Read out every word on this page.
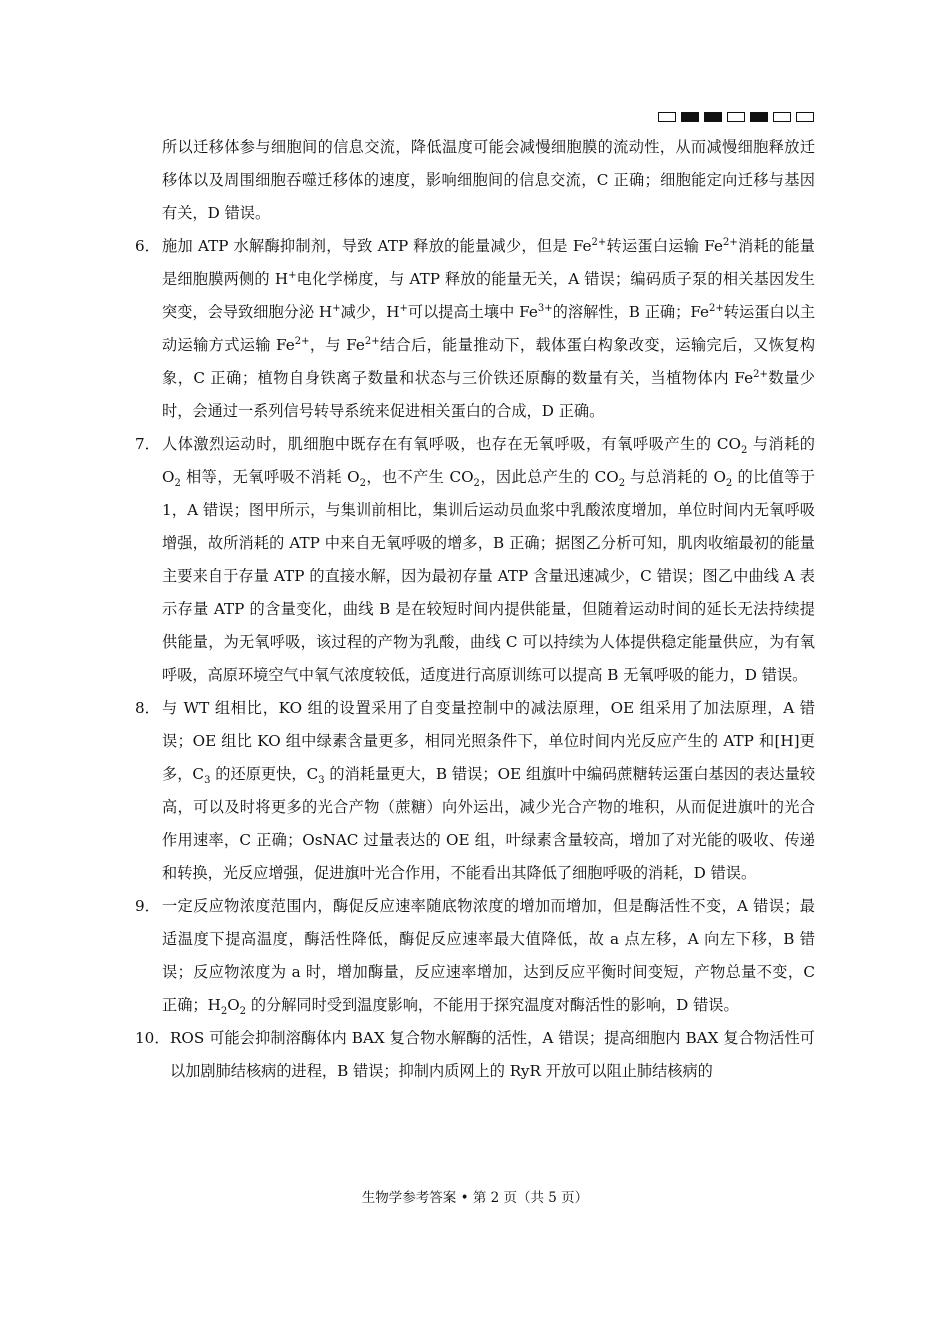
所以迁移体参与细胞间的信息交流，降低温度可能会减慢细胞膜的流动性，从而减慢细胞释放迁移体以及周围细胞吞噬迁移体的速度，影响细胞间的信息交流，C 正确；细胞能定向迁移与基因有关，D 错误。

6． 施加 ATP 水解酶抑制剂，导致 ATP 释放的能量减少，但是 $Fe^{2+}$转运蛋白运输 $Fe^{2+}$消耗的能量是细胞膜两侧的 H+电化学梯度，与 ATP 释放的能量无关，A 错误；编码质子泵的相关基因发生突变，会导致细胞分泌 H+减少，H+可以提高土壤中 $Fe^{3+}$的溶解性，B 正确；$Fe^{2+}$转运蛋白以主动运输方式运输 $Fe^{2+}$，与 $Fe^{2+}$结合后，能量推动下，载体蛋白构象改变，运输完后，又恢复构象，C 正确；植物自身铁离子数量和状态与三价铁还原酶的数量有关，当植物体内 $Fe^{2+}$数量少时，会通过一系列信号转导系统来促进相关蛋白的合成，D 正确。
7． 人体激烈运动时，肌细胞中既存在有氧呼吸，也存在无氧呼吸，有氧呼吸产生的 $CO_2$ 与消耗的 $O_2$ 相等，无氧呼吸不消耗 $O_2$，也不产生 $CO_2$，因此总产生的 $CO_2$ 与总消耗的 $O_2$ 的比值等于 1，A 错误；图甲所示，与集训前相比，集训后运动员血浆中乳酸浓度增加，单位时间内无氧呼吸增强，故所消耗的 ATP 中来自无氧呼吸的增多，B 正确；据图乙分析可知，肌肉收缩最初的能量主要来自于存量 ATP 的直接水解，因为最初存量 ATP 含量迅速减少，C 错误；图乙中曲线 A 表示存量 ATP 的含量变化，曲线 B 是在较短时间内提供能量，但随着运动时间的延长无法持续提供能量，为无氧呼吸，该过程的产物为乳酸，曲线 C 可以持续为人体提供稳定能量供应，为有氧呼吸，高原环境空气中氧气浓度较低，适度进行高原训练可以提高 B 无氧呼吸的能力，D 错误。
8． 与 WT 组相比，KO 组的设置采用了自变量控制中的减法原理，OE 组采用了加法原理，A 错误；OE 组比 KO 组中绿素含量更多，相同光照条件下，单位时间内光反应产生的 ATP 和[H]更多，$C_3$ 的还原更快，$C_3$ 的消耗量更大，B 错误；OE 组旗叶中编码蔗糖转运蛋白基因的表达量较高，可以及时将更多的光合产物（蔗糖）向外运出，减少光合产物的堆积，从而促进旗叶的光合作用速率，C 正确；OsNAC 过量表达的 OE 组，叶绿素含量较高，增加了对光能的吸收、传递和转换，光反应增强，促进旗叶光合作用，不能看出其降低了细胞呼吸的消耗，D 错误。
9． 一定反应物浓度范围内，酶促反应速率随底物浓度的增加而增加，但是酶活性不变，A 错误；最适温度下提高温度，酶活性降低，酶促反应速率最大值降低，故 a 点左移，A 向左下移，B 错误；反应物浓度为 a 时，增加酶量，反应速率增加，达到反应平衡时间变短，产物总量不变，C 正确；$H_2O_2$ 的分解同时受到温度影响，不能用于探究温度对酶活性的影响，D 错误。
10． ROS 可能会抑制溶酶体内 BAX 复合物水解酶的活性，A 错误；提高细胞内 BAX 复合物活性可以加剧肺结核病的进程，B 错误；抑制内质网上的 RyR 开放可以阻止肺结核病的
生物学参考答案 • 第 2 页（共 5 页）
